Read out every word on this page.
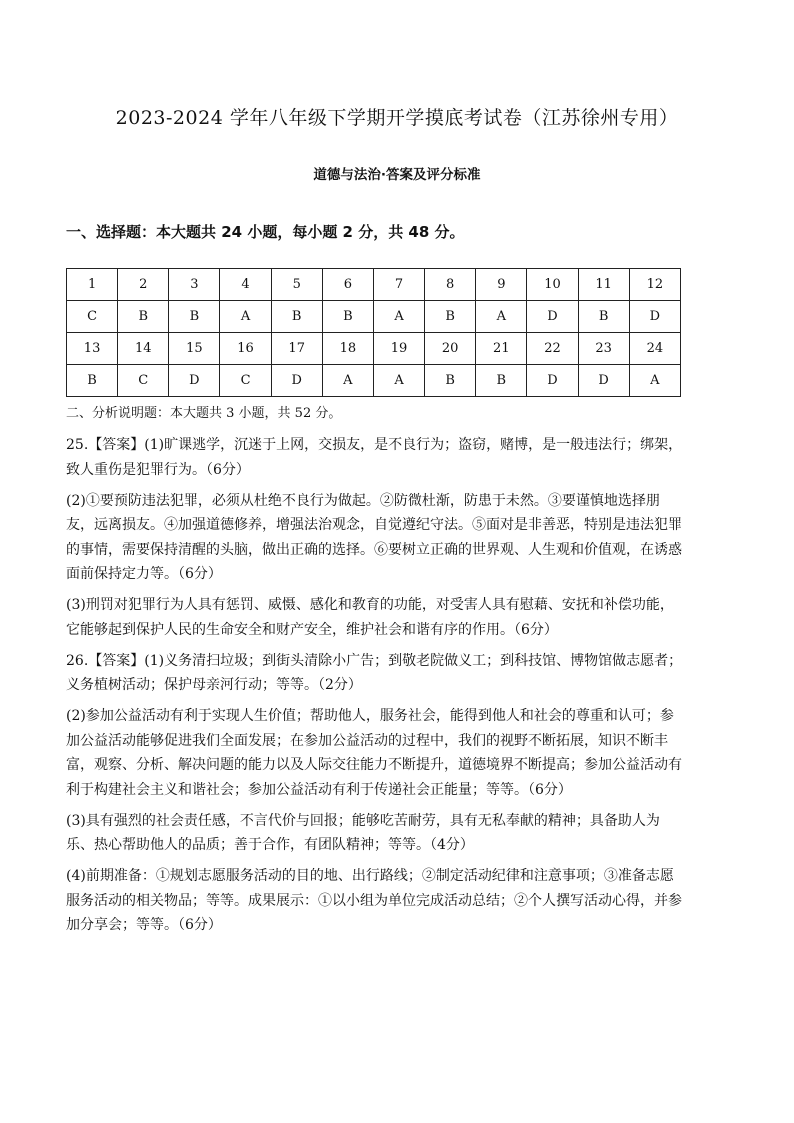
2023-2024 学年八年级下学期开学摸底考试卷（江苏徐州专用）
道德与法治·答案及评分标准
一、选择题：本大题共 24 小题，每小题 2 分，共 48 分。
1	2	3	4	5	6	7	8	9	10	11	12
C	B	B	A	B	B	A	B	A	D	B	D
13	14	15	16	17	18	19	20	21	22	23	24
B	C	D	C	D	A	A	B	B	D	D	A
二、分析说明题：本大题共 3 小题，共 52 分。

25.【答案】(1)旷课逃学，沉迷于上网，交损友，是不良行为；盗窃，赌博，是一般违法行；绑架，致人重伤是犯罪行为。（6分）

(2)①要预防违法犯罪，必须从杜绝不良行为做起。②防微杜渐，防患于未然。③要谨慎地选择朋友，远离损友。④加强道德修养，增强法治观念，自觉遵纪守法。⑤面对是非善恶，特别是违法犯罪的事情，需要保持清醒的头脑，做出正确的选择。⑥要树立正确的世界观、人生观和价值观，在诱惑面前保持定力等。（6分）

(3)刑罚对犯罪行为人具有惩罚、威慑、感化和教育的功能，对受害人具有慰藉、安抚和补偿功能，它能够起到保护人民的生命安全和财产安全，维护社会和谐有序的作用。（6分）

26.【答案】(1)义务清扫垃圾；到街头清除小广告；到敬老院做义工；到科技馆、博物馆做志愿者；义务植树活动；保护母亲河行动；等等。（2分）

(2)参加公益活动有利于实现人生价值；帮助他人，服务社会，能得到他人和社会的尊重和认可；参加公益活动能够促进我们全面发展；在参加公益活动的过程中，我们的视野不断拓展，知识不断丰富，观察、分析、解决问题的能力以及人际交往能力不断提升，道德境界不断提高；参加公益活动有利于构建社会主义和谐社会；参加公益活动有利于传递社会正能量；等等。（6分）

(3)具有强烈的社会责任感，不言代价与回报；能够吃苦耐劳，具有无私奉献的精神；具备助人为乐、热心帮助他人的品质；善于合作，有团队精神；等等。（4分）

(4)前期准备：①规划志愿服务活动的目的地、出行路线；②制定活动纪律和注意事项；③准备志愿服务活动的相关物品；等等。成果展示：①以小组为单位完成活动总结；②个人撰写活动心得，并参加分享会；等等。（6分）
